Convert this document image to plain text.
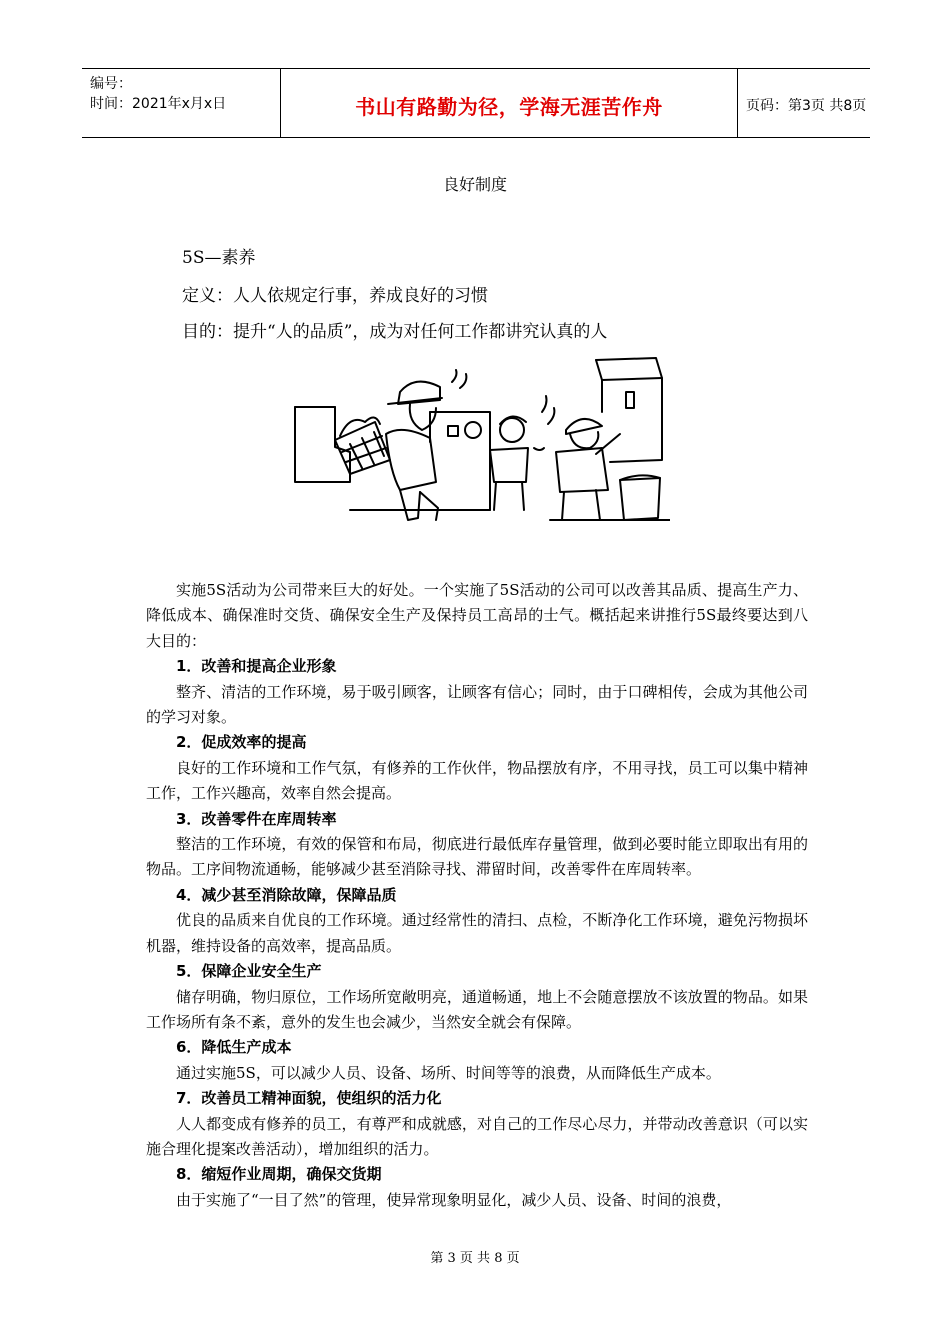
编号：
时间：2021年x月x日	书山有路勤为径，学海无涯苦作舟	页码：第3页 共8页
良好制度
5S—素养
定义：人人依规定行事，养成良好的习惯
目的：提升“人的品质”，成为对任何工作都讲究认真的人

实施5S活动为公司带来巨大的好处。一个实施了5S活动的公司可以改善其品质、提高生产力、降低成本、确保准时交货、确保安全生产及保持员工高昂的士气。概括起来讲推行5S最终要达到八大目的：

1．改善和提高企业形象

整齐、清洁的工作环境，易于吸引顾客，让顾客有信心；同时，由于口碑相传，会成为其他公司的学习对象。

2．促成效率的提高

良好的工作环境和工作气氛，有修养的工作伙伴，物品摆放有序，不用寻找，员工可以集中精神工作，工作兴趣高，效率自然会提高。

3．改善零件在库周转率

整洁的工作环境，有效的保管和布局，彻底进行最低库存量管理，做到必要时能立即取出有用的物品。工序间物流通畅，能够减少甚至消除寻找、滞留时间，改善零件在库周转率。

4．减少甚至消除故障，保障品质

优良的品质来自优良的工作环境。通过经常性的清扫、点检，不断净化工作环境，避免污物损坏机器，维持设备的高效率，提高品质。

5．保障企业安全生产

储存明确，物归原位，工作场所宽敞明亮，通道畅通，地上不会随意摆放不该放置的物品。如果工作场所有条不紊，意外的发生也会减少，当然安全就会有保障。

6．降低生产成本

通过实施5S，可以减少人员、设备、场所、时间等等的浪费，从而降低生产成本。

7．改善员工精神面貌，使组织的活力化

人人都变成有修养的员工，有尊严和成就感，对自己的工作尽心尽力，并带动改善意识（可以实施合理化提案改善活动），增加组织的活力。

8．缩短作业周期，确保交货期

由于实施了“一目了然”的管理，使异常现象明显化，减少人员、设备、时间的浪费，

第 3 页 共 8 页
